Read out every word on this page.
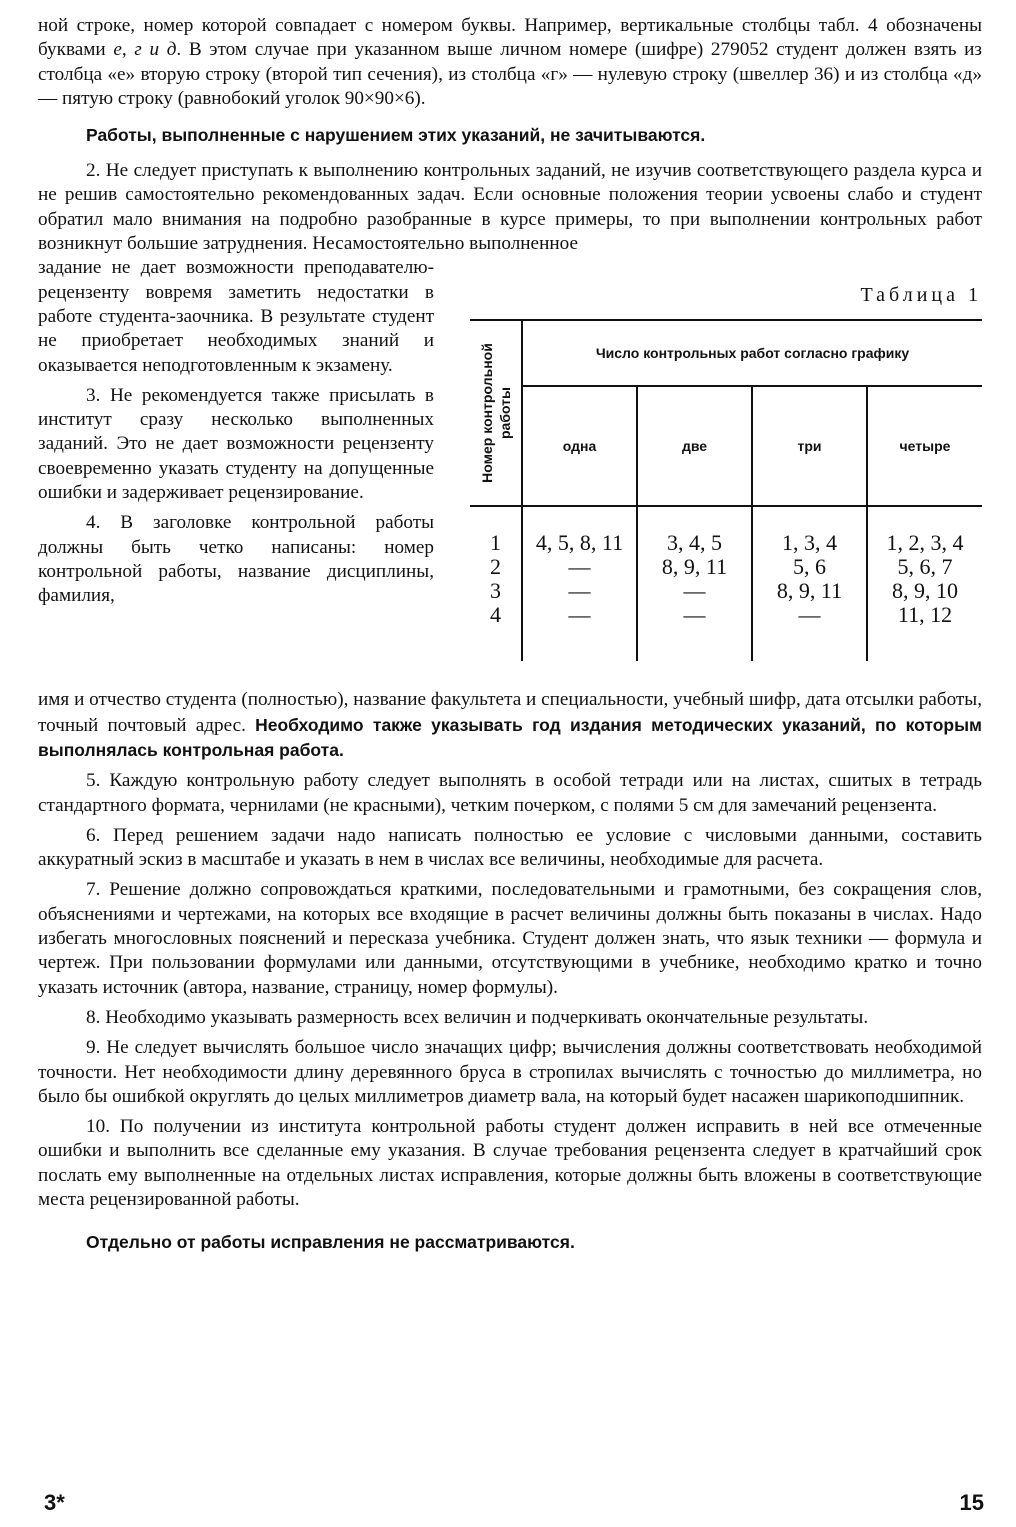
ной строке, номер которой совпадает с номером буквы. Например, вертикальные столбцы табл. 4 обозначены буквами е, г и д. В этом случае при указанном выше личном номере (шифре) 279052 студент должен взять из столбца «е» вторую строку (второй тип сечения), из столбца «г» — нулевую строку (швеллер 36) и из столбца «д» — пятую строку (равнобокий уголок 90×90×6).

Работы, выполненные с нарушением этих указаний, не зачитываются.

2. Не следует приступать к выполнению контрольных заданий, не изучив соответствующего раздела курса и не решив самостоятельно рекомендованных задач. Если основные положения теории усвоены слабо и студент обратил мало внимания на подробно разобранные в курсе примеры, то при выполнении контрольных работ возникнут большие затруднения. Несамостоятельно выполненное

задание не дает возможности преподавателю-рецензенту вовремя заметить недостатки в работе студента-заочника. В результате студент не приобретает необходимых знаний и оказывается неподготовленным к экзамену.

3. Не рекомендуется также присылать в институт сразу несколько выполненных заданий. Это не дает возможности рецензенту своевременно указать студенту на допущенные ошибки и задерживает рецензирование.

4. В заголовке контрольной работы должны быть четко написаны: номер контрольной работы, название дисциплины, фамилия,

Таблица 1
Номер контрольной работы	Число контрольных работ согласно графику			
	одна	две	три	четыре
1	4, 5, 8, 11	3, 4, 5	1, 3, 4	1, 2, 3, 4
2	—	8, 9, 11	5, 6	5, 6, 7
3	—	—	8, 9, 11	8, 9, 10
4	—	—	—	11, 12

имя и отчество студента (полностью), название факультета и специальности, учебный шифр, дата отсылки работы, точный почтовый адрес. Необходимо также указывать год издания методических указаний, по которым выполнялась контрольная работа.

5. Каждую контрольную работу следует выполнять в особой тетради или на листах, сшитых в тетрадь стандартного формата, чернилами (не красными), четким почерком, с полями 5 см для замечаний рецензента.

6. Перед решением задачи надо написать полностью ее условие с числовыми данными, составить аккуратный эскиз в масштабе и указать в нем в числах все величины, необходимые для расчета.

7. Решение должно сопровождаться краткими, последовательными и грамотными, без сокращения слов, объяснениями и чертежами, на которых все входящие в расчет величины должны быть показаны в числах. Надо избегать многословных пояснений и пересказа учебника. Студент должен знать, что язык техники — формула и чертеж. При пользовании формулами или данными, отсутствующими в учебнике, необходимо кратко и точно указать источник (автора, название, страницу, номер формулы).

8. Необходимо указывать размерность всех величин и подчеркивать окончательные результаты.

9. Не следует вычислять большое число значащих цифр; вычисления должны соответствовать необходимой точности. Нет необходимости длину деревянного бруса в стропилах вычислять с точностью до миллиметра, но было бы ошибкой округлять до целых миллиметров диаметр вала, на который будет насажен шарикоподшипник.

10. По получении из института контрольной работы студент должен исправить в ней все отмеченные ошибки и выполнить все сделанные ему указания. В случае требования рецензента следует в кратчайший срок послать ему выполненные на отдельных листах исправления, которые должны быть вложены в соответствующие места рецензированной работы.

Отдельно от работы исправления не рассматриваются.

3*	15
